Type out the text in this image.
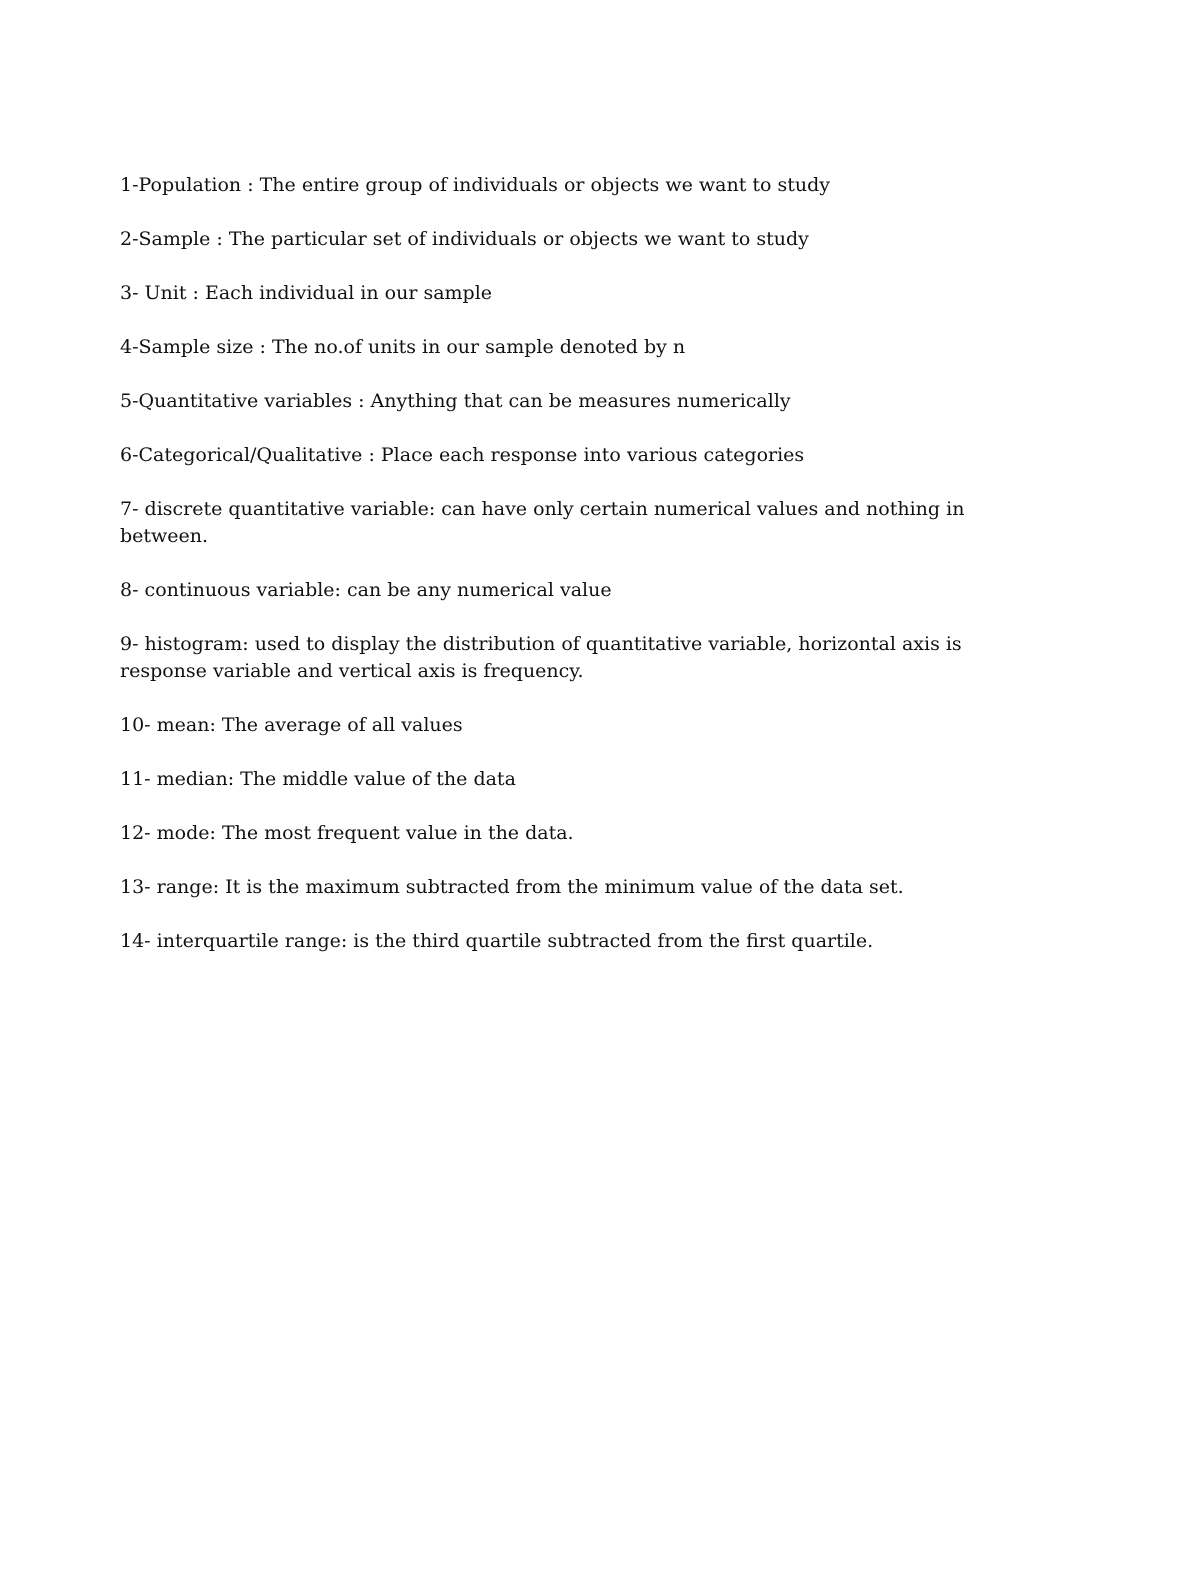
1-Population : The entire group of individuals or objects we want to study

2-Sample : The particular set of individuals or objects we want to study

3- Unit : Each individual in our sample

4-Sample size : The no.of units in our sample denoted by n

5-Quantitative variables : Anything that can be measures numerically

6-Categorical/Qualitative : Place each response into various categories

7- discrete quantitative variable: can have only certain numerical values and nothing in between.

8- continuous variable: can be any numerical value

9- histogram: used to display the distribution of quantitative variable, horizontal axis is response variable and vertical axis is frequency.

10- mean: The average of all values

11- median: The middle value of the data

12- mode: The most frequent value in the data.

13- range: It is the maximum subtracted from the minimum value of the data set.

14- interquartile range: is the third quartile subtracted from the first quartile.
